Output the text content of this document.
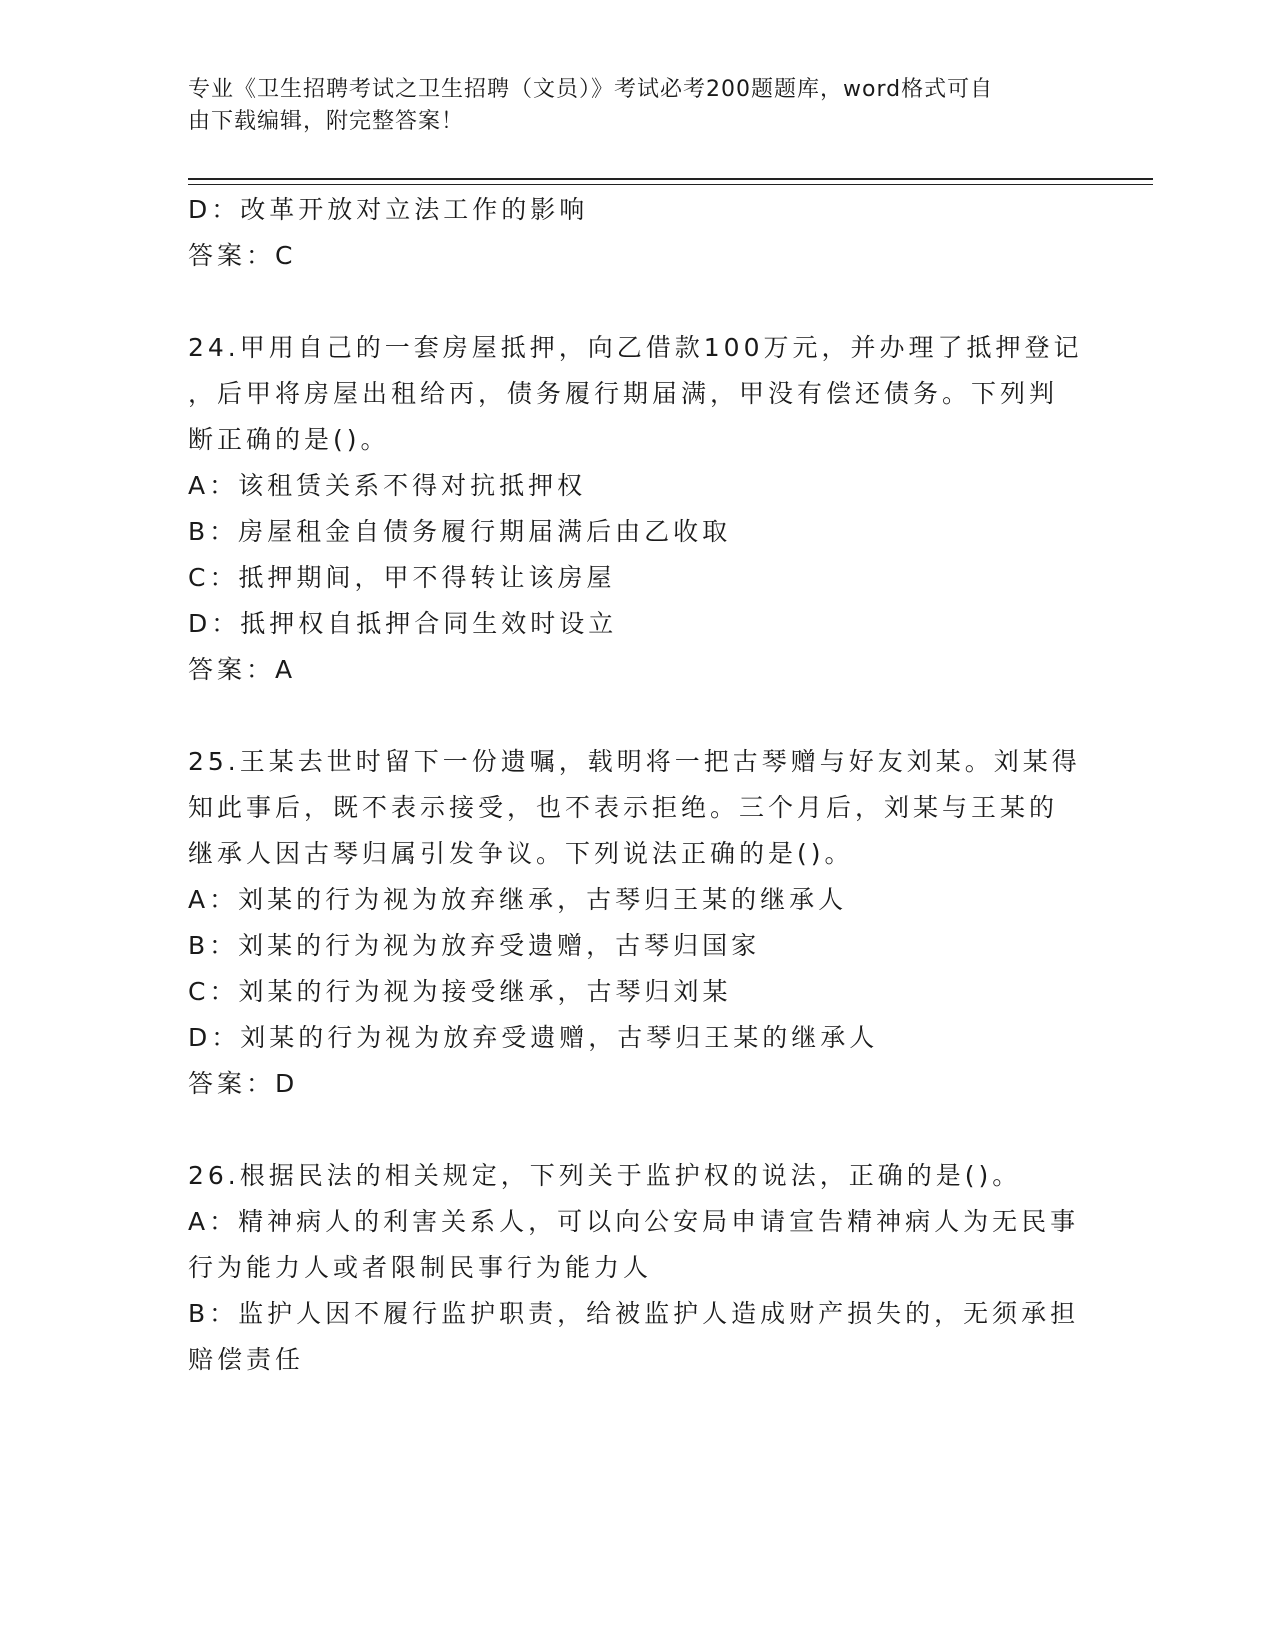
专业《卫生招聘考试之卫生招聘（文员）》考试必考200题题库，word格式可自

由下载编辑，附完整答案！

D：改革开放对立法工作的影响
答案：C
24.甲用自己的一套房屋抵押，向乙借款100万元，并办理了抵押登记
，后甲将房屋出租给丙，债务履行期届满，甲没有偿还债务。下列判
断正确的是()。
A：该租赁关系不得对抗抵押权
B：房屋租金自债务履行期届满后由乙收取
C：抵押期间，甲不得转让该房屋
D：抵押权自抵押合同生效时设立
答案：A
25.王某去世时留下一份遗嘱，载明将一把古琴赠与好友刘某。刘某得
知此事后，既不表示接受，也不表示拒绝。三个月后，刘某与王某的
继承人因古琴归属引发争议。下列说法正确的是()。
A：刘某的行为视为放弃继承，古琴归王某的继承人
B：刘某的行为视为放弃受遗赠，古琴归国家
C：刘某的行为视为接受继承，古琴归刘某
D：刘某的行为视为放弃受遗赠，古琴归王某的继承人
答案：D
26.根据民法的相关规定，下列关于监护权的说法，正确的是()。
A：精神病人的利害关系人，可以向公安局申请宣告精神病人为无民事
行为能力人或者限制民事行为能力人
B：监护人因不履行监护职责，给被监护人造成财产损失的，无须承担
赔偿责任
